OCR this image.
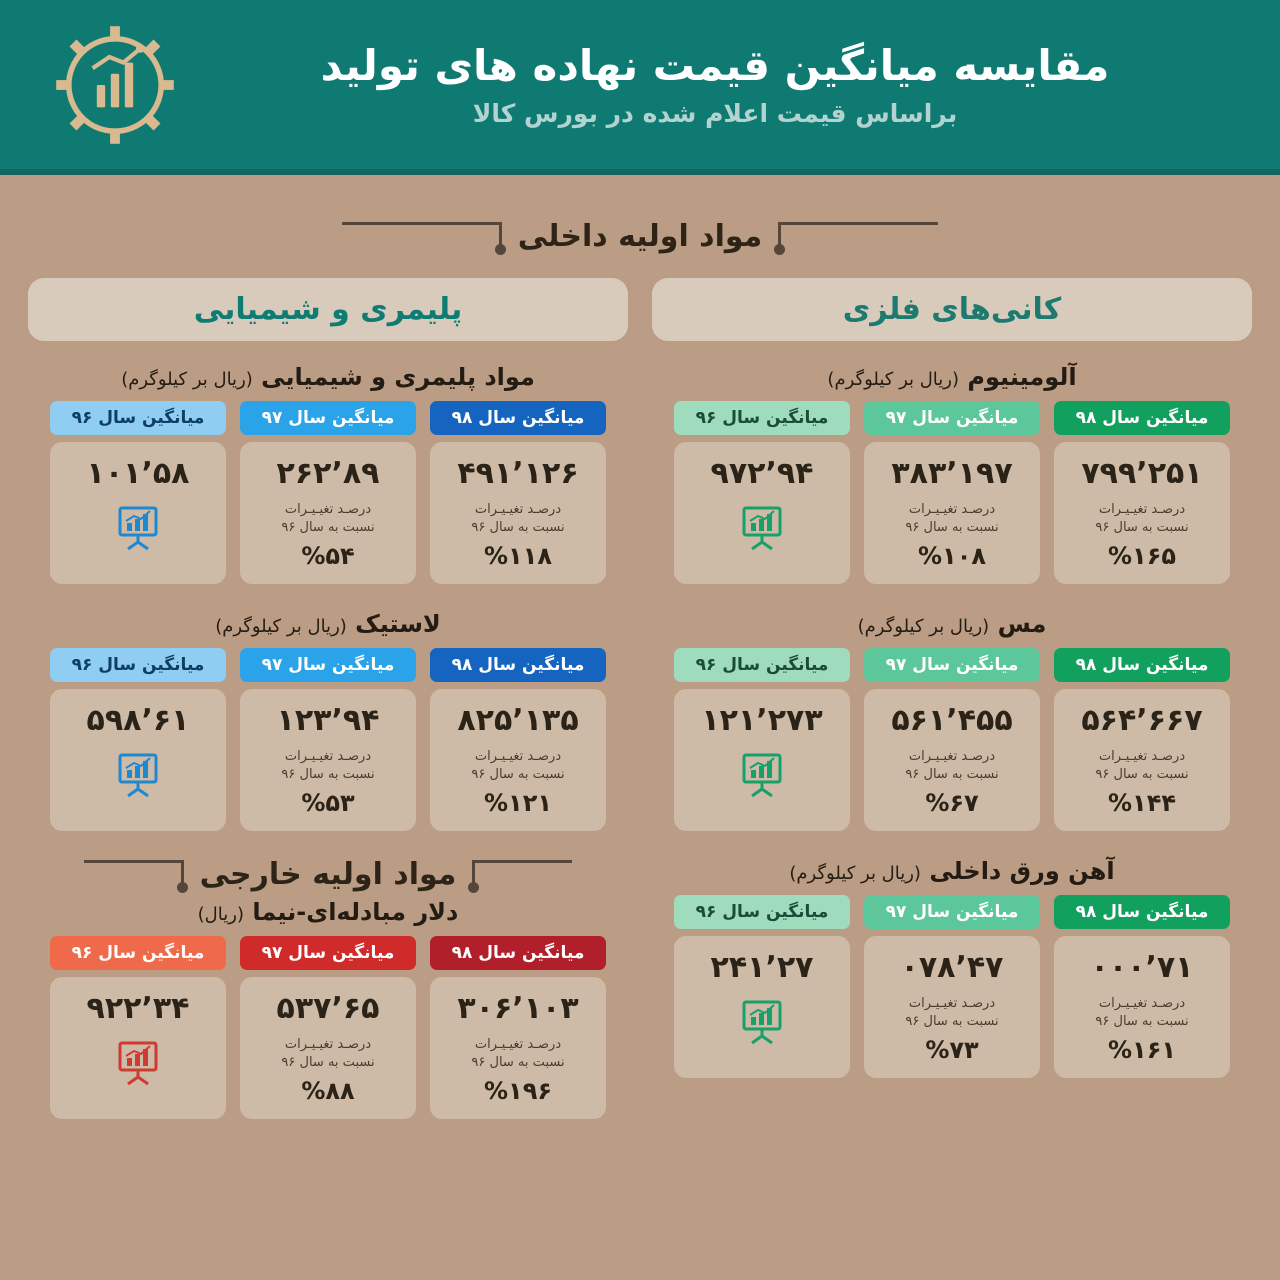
مقایسه میانگین قیمت نهاده های تولید
براساس قیمت اعلام شده در بورس کالا
مواد اولیه داخلی
کانی‌های فلزی
آلومینیوم (ریال بر کیلوگرم)
میانگین سال ۹۸
۲۵۱’۷۹۹
درصـد تغیـیـرات
نسبت به سال ۹۶
%۱۶۵
میانگین سال ۹۷
۱۹۷’۳۸۳
درصـد تغیـیـرات
نسبت به سال ۹۶
%۱۰۸
میانگین سال ۹۶
۹۴’۹۷۲
مس (ریال بر کیلوگرم)
میانگین سال ۹۸
۶۶۷’۵۶۴
درصـد تغیـیـرات
نسبت به سال ۹۶
%۱۴۴
میانگین سال ۹۷
۴۵۵’۵۶۱
درصـد تغیـیـرات
نسبت به سال ۹۶
%۶۷
میانگین سال ۹۶
۲۷۳’۱۲۱
آهن ورق داخلی (ریال بر کیلوگرم)
میانگین سال ۹۸
۷۱’۰۰۰
درصـد تغیـیـرات
نسبت به سال ۹۶
%۱۶۱
میانگین سال ۹۷
۴۷’۰۷۸
درصـد تغیـیـرات
نسبت به سال ۹۶
%۷۳
میانگین سال ۹۶
۲۷’۲۴۱
پلیمری و شیمیایی
مواد پلیمری و شیمیایی (ریال بر کیلوگرم)
میانگین سال ۹۸
۱۲۶’۴۹۱
درصـد تغیـیـرات
نسبت به سال ۹۶
%۱۱۸
میانگین سال ۹۷
۸۹’۲۶۲
درصـد تغیـیـرات
نسبت به سال ۹۶
%۵۴
میانگین سال ۹۶
۵۸’۱۰۱
لاستیک (ریال بر کیلوگرم)
میانگین سال ۹۸
۱۳۵’۸۲۵
درصـد تغیـیـرات
نسبت به سال ۹۶
%۱۲۱
میانگین سال ۹۷
۹۴’۱۲۳
درصـد تغیـیـرات
نسبت به سال ۹۶
%۵۳
میانگین سال ۹۶
۶۱’۵۹۸
مواد اولیه خارجی
دلار مبادله‌ای-نیما (ریال)
میانگین سال ۹۸
۱۰۳’۳۰۶
درصـد تغیـیـرات
نسبت به سال ۹۶
%۱۹۶
میانگین سال ۹۷
۶۵’۵۳۷
درصـد تغیـیـرات
نسبت به سال ۹۶
%۸۸
میانگین سال ۹۶
۳۴’۹۲۲
